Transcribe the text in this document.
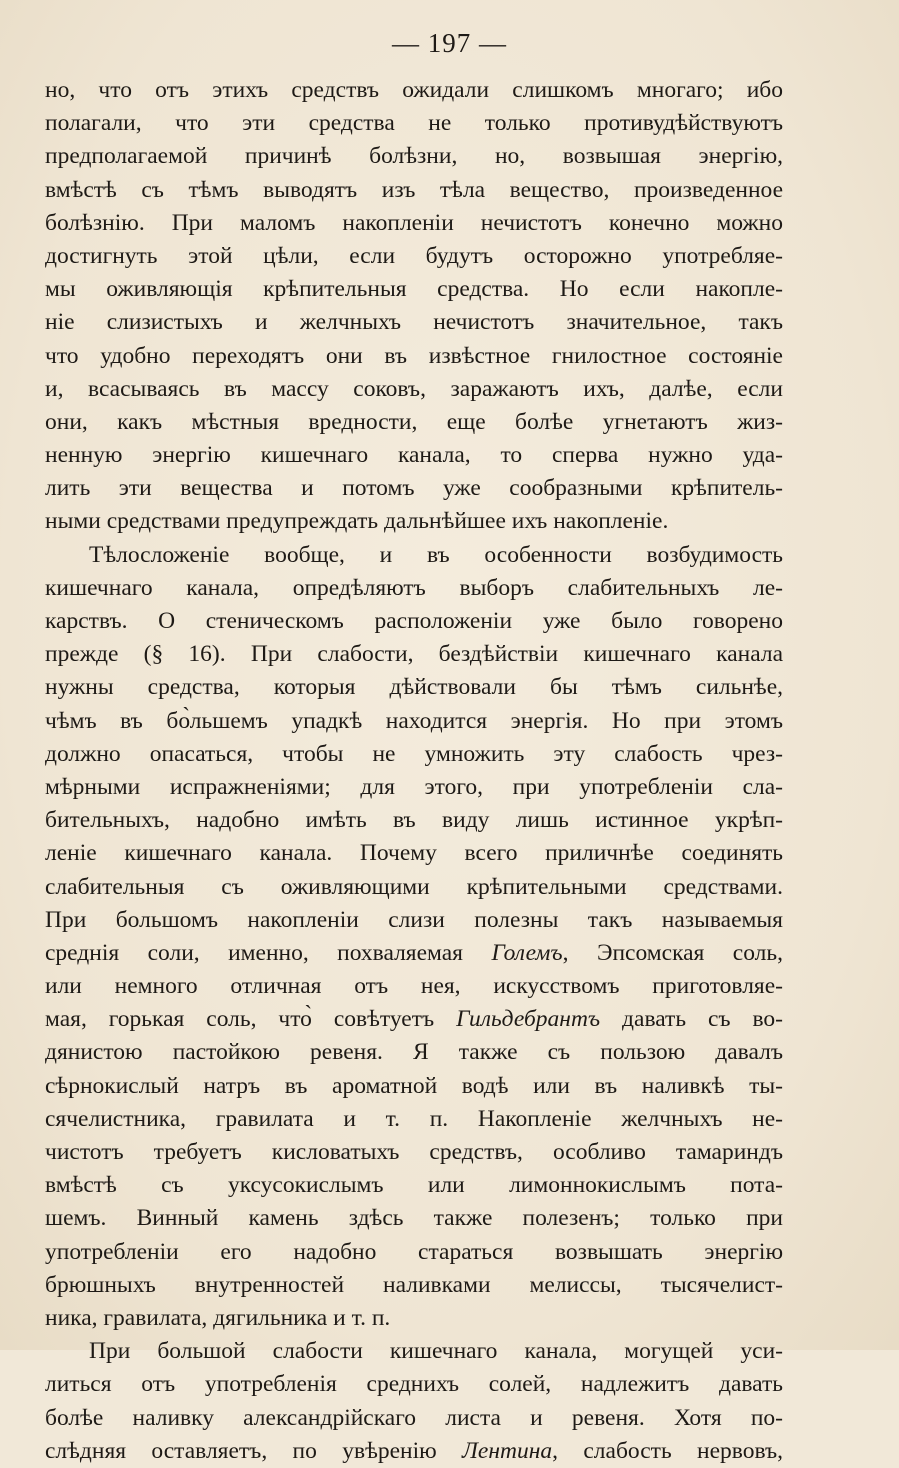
— 197 —
но, что отъ этихъ средствъ ожидали слишкомъ многаго; ибо
полагали, что эти средства не только противудѣйствуютъ
предполагаемой причинѣ болѣзни, но, возвышая энергію,
вмѣстѣ съ тѣмъ выводятъ изъ тѣла вещество, произведенное
болѣзнію. При маломъ накопленіи нечистотъ конечно можно
достигнуть этой цѣли, если будутъ осторожно употребляе-
мы оживляющія крѣпительныя средства. Но если накопле-
ніе слизистыхъ и желчныхъ нечистотъ значительное, такъ
что удобно переходятъ они въ извѣстное гнилостное состояніе
и, всасываясь въ массу соковъ, заражаютъ ихъ, далѣе, если
они, какъ мѣстныя вредности, еще болѣе угнетаютъ жиз-
ненную энергію кишечнаго канала, то сперва нужно уда-
лить эти вещества и потомъ уже сообразными крѣпитель-
ными средствами предупреждать дальнѣйшее ихъ накопленіе.
Тѣлосложеніе вообще, и въ особенности возбудимость
кишечнаго канала, опредѣляютъ выборъ слабительныхъ ле-
карствъ. О стеническомъ расположеніи уже было говорено
прежде (§ 16). При слабости, бездѣйствіи кишечнаго канала
нужны средства, которыя дѣйствовали бы тѣмъ сильнѣе,
чѣмъ въ бо̀льшемъ упадкѣ находится энергія. Но при этомъ
должно опасаться, чтобы не умножить эту слабость чрез-
мѣрными испражненіями; для этого, при употребленіи сла-
бительныхъ, надобно имѣть въ виду лишь истинное укрѣп-
леніе кишечнаго канала. Почему всего приличнѣе соединять
слабительныя съ оживляющими крѣпительными средствами.
При большомъ накопленіи слизи полезны такъ называемыя
среднія соли, именно, похваляемая Големъ, Эпсомская соль,
или немного отличная отъ нея, искусствомъ приготовляе-
мая, горькая соль, что̀ совѣтуетъ Гильдебрантъ давать съ во-
дянистою пастойкою ревеня. Я также съ пользою давалъ
сѣрнокислый натръ въ ароматной водѣ или въ наливкѣ ты-
сячелистника, гравилата и т. п. Накопленіе желчныхъ не-
чистотъ требуетъ кисловатыхъ средствъ, особливо тамариндъ
вмѣстѣ съ уксусокислымъ или лимоннокислымъ пота-
шемъ. Винный камень здѣсь также полезенъ; только при
употребленіи его надобно стараться возвышать энергію
брюшныхъ внутренностей наливками мелиссы, тысячелист-
ника, гравилата, дягильника и т. п.
При большой слабости кишечнаго канала, могущей уси-
литься отъ употребленія среднихъ солей, надлежитъ давать
болѣе наливку александрійскаго листа и ревеня. Хотя по-
слѣдняя оставляетъ, по увѣренію Лентина, слабость нервовъ,
